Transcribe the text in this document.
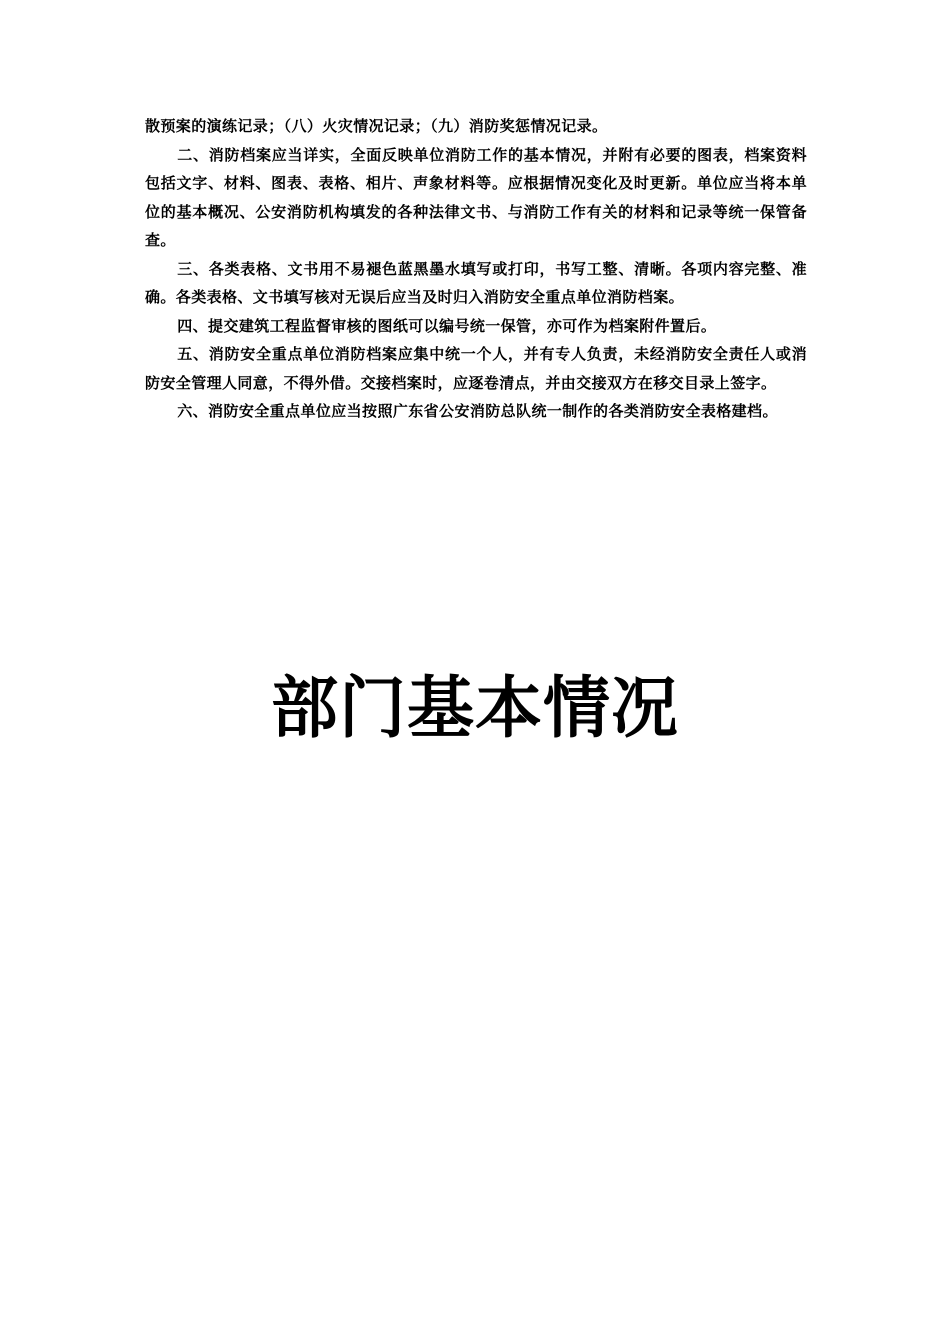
散预案的演练记录；（八）火灾情况记录；（九）消防奖惩情况记录。

二、消防档案应当详实，全面反映单位消防工作的基本情况，并附有必要的图表，档案资料包括文字、材料、图表、表格、相片、声象材料等。应根据情况变化及时更新。单位应当将本单位的基本概况、公安消防机构填发的各种法律文书、与消防工作有关的材料和记录等统一保管备查。

三、各类表格、文书用不易褪色蓝黑墨水填写或打印，书写工整、清晰。各项内容完整、准确。各类表格、文书填写核对无误后应当及时归入消防安全重点单位消防档案。

四、提交建筑工程监督审核的图纸可以编号统一保管，亦可作为档案附件置后。

五、消防安全重点单位消防档案应集中统一个人，并有专人负责，未经消防安全责任人或消防安全管理人同意，不得外借。交接档案时，应逐卷清点，并由交接双方在移交目录上签字。

六、消防安全重点单位应当按照广东省公安消防总队统一制作的各类消防安全表格建档。

部门基本情况
